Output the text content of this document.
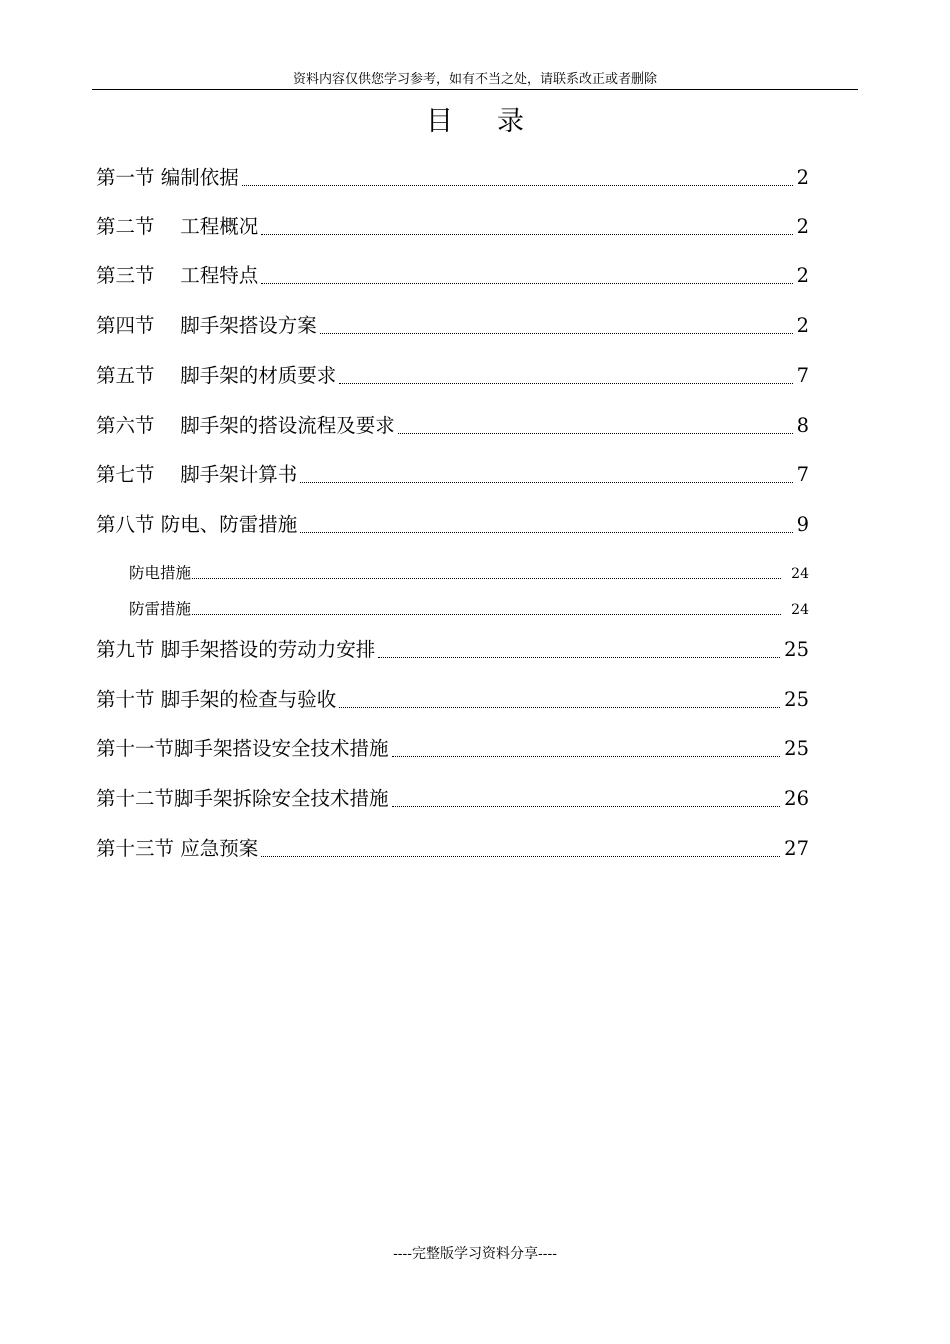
资料内容仅供您学习参考，如有不当之处，请联系改正或者删除
目 录
第一节 编制依据	2
第二节　 工程概况	2
第三节　 工程特点	2
第四节　 脚手架搭设方案	2
第五节　 脚手架的材质要求	7
第六节　 脚手架的搭设流程及要求	8
第七节　 脚手架计算书	7
第八节 防电、防雷措施	9
防电措施	24
防雷措施	24
第九节 脚手架搭设的劳动力安排	25
第十节 脚手架的检查与验收	25
第十一节脚手架搭设安全技术措施	25
第十二节脚手架拆除安全技术措施	26
第十三节 应急预案	27
----完整版学习资料分享----
